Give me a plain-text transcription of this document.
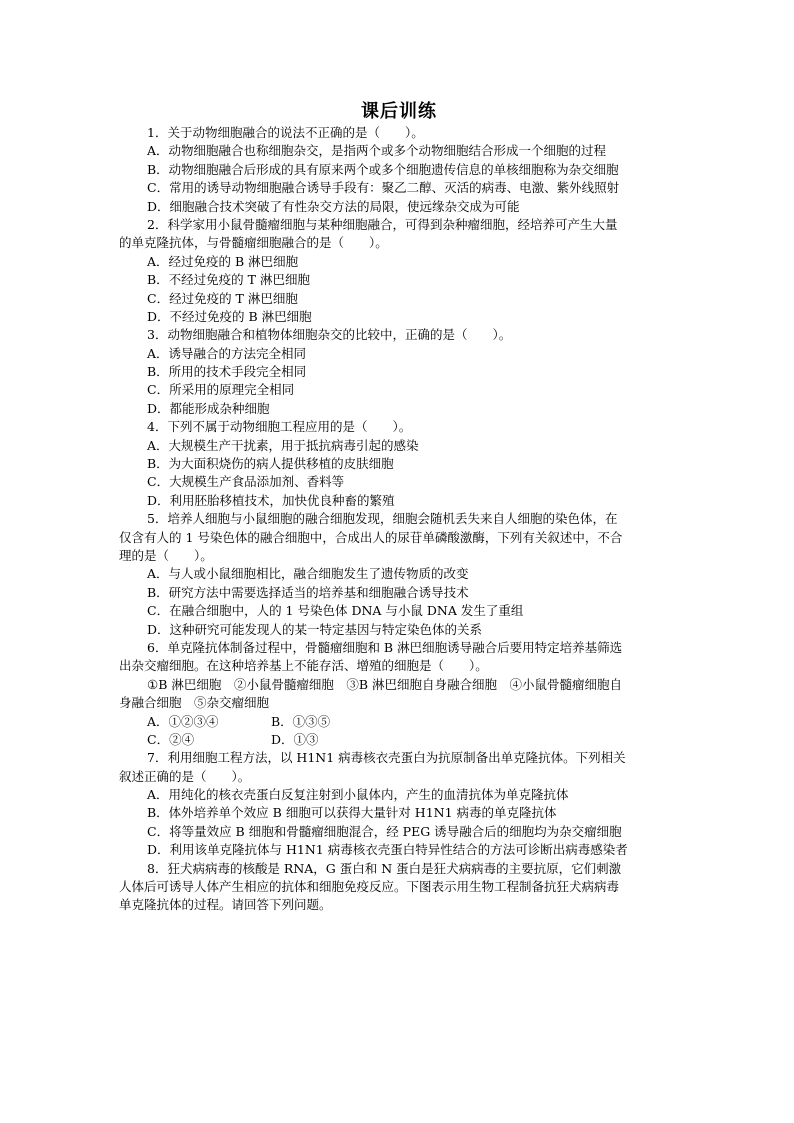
课后训练
1．关于动物细胞融合的说法不正确的是（　　）。
A．动物细胞融合也称细胞杂交，是指两个或多个动物细胞结合形成一个细胞的过程
B．动物细胞融合后形成的具有原来两个或多个细胞遗传信息的单核细胞称为杂交细胞
C．常用的诱导动物细胞融合诱导手段有：聚乙二醇、灭活的病毒、电激、紫外线照射
D．细胞融合技术突破了有性杂交方法的局限，使远缘杂交成为可能
2．科学家用小鼠骨髓瘤细胞与某种细胞融合，可得到杂种瘤细胞，经培养可产生大量
的单克隆抗体，与骨髓瘤细胞融合的是（　　）。
A．经过免疫的 B 淋巴细胞
B．不经过免疫的 T 淋巴细胞
C．经过免疫的 T 淋巴细胞
D．不经过免疫的 B 淋巴细胞
3．动物细胞融合和植物体细胞杂交的比较中，正确的是（　　）。
A．诱导融合的方法完全相同
B．所用的技术手段完全相同
C．所采用的原理完全相同
D．都能形成杂种细胞
4．下列不属于动物细胞工程应用的是（　　）。
A．大规模生产干扰素，用于抵抗病毒引起的感染
B．为大面积烧伤的病人提供移植的皮肤细胞
C．大规模生产食品添加剂、香料等
D．利用胚胎移植技术，加快优良种畜的繁殖
5．培养人细胞与小鼠细胞的融合细胞发现，细胞会随机丢失来自人细胞的染色体，在
仅含有人的 1 号染色体的融合细胞中，合成出人的尿苷单磷酸激酶，下列有关叙述中，不合
理的是（　　）。
A．与人或小鼠细胞相比，融合细胞发生了遗传物质的改变
B．研究方法中需要选择适当的培养基和细胞融合诱导技术
C．在融合细胞中，人的 1 号染色体 DNA 与小鼠 DNA 发生了重组
D．这种研究可能发现人的某一特定基因与特定染色体的关系
6．单克隆抗体制备过程中，骨髓瘤细胞和 B 淋巴细胞诱导融合后要用特定培养基筛选
出杂交瘤细胞。在这种培养基上不能存活、增殖的细胞是（　　）。
①B 淋巴细胞　②小鼠骨髓瘤细胞　③B 淋巴细胞自身融合细胞　④小鼠骨髓瘤细胞自
身融合细胞　⑤杂交瘤细胞
A．①②③④	B．①③⑤
C．②④	D．①③
7．利用细胞工程方法，以 H1N1 病毒核衣壳蛋白为抗原制备出单克隆抗体。下列相关
叙述正确的是（　　）。
A．用纯化的核衣壳蛋白反复注射到小鼠体内，产生的血清抗体为单克隆抗体
B．体外培养单个效应 B 细胞可以获得大量针对 H1N1 病毒的单克隆抗体
C．将等量效应 B 细胞和骨髓瘤细胞混合，经 PEG 诱导融合后的细胞均为杂交瘤细胞
D．利用该单克隆抗体与 H1N1 病毒核衣壳蛋白特异性结合的方法可诊断出病毒感染者
8．狂犬病病毒的核酸是 RNA，G 蛋白和 N 蛋白是狂犬病病毒的主要抗原，它们刺激
人体后可诱导人体产生相应的抗体和细胞免疫反应。下图表示用生物工程制备抗狂犬病病毒
单克隆抗体的过程。请回答下列问题。
